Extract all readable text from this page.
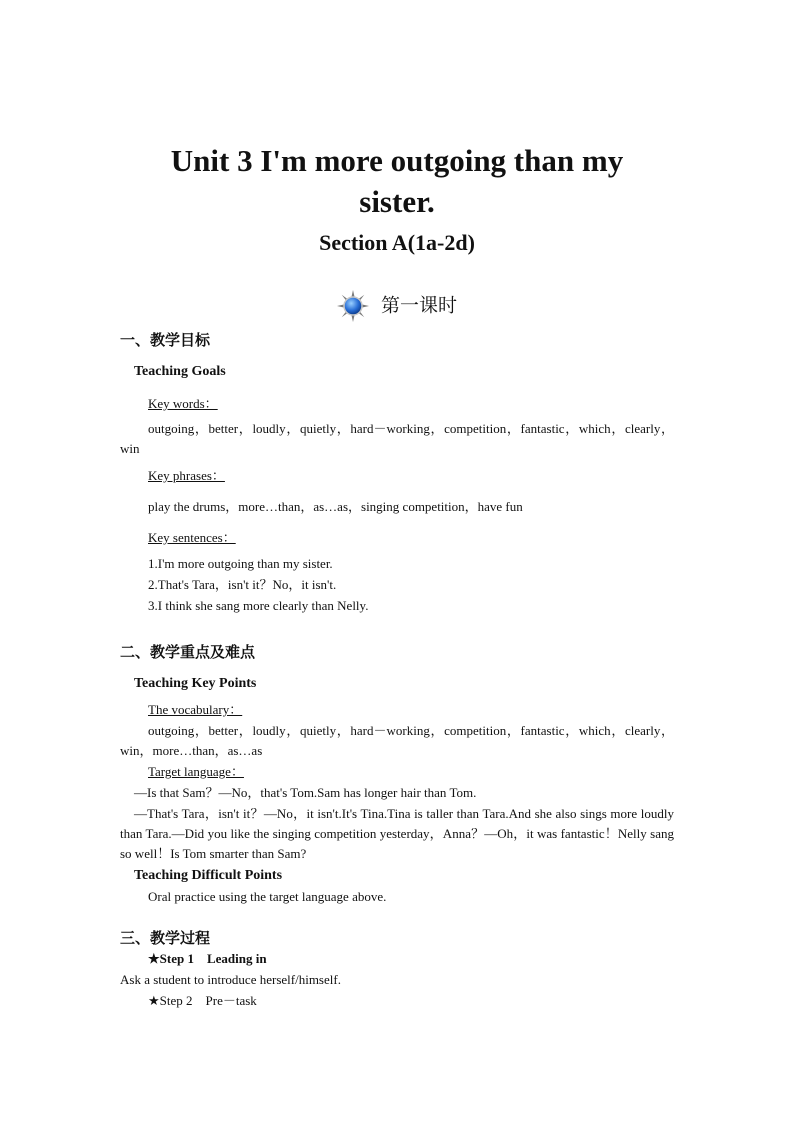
Unit 3 I'm more outgoing than my
sister.
Section A(1a-2d)
第一课时
一、教学目标
Teaching Goals
Key words：
outgoing，better，loudly，quietly，hard－working，competition，fantastic，which，clearly，win
Key phrases：
play the drums，more…than，as…as，singing competition，have fun
Key sentences：
1.I'm more outgoing than my sister.
2.That's Tara，isn't it？No，it isn't.
3.I think she sang more clearly than Nelly.
二、教学重点及难点
Teaching Key Points
The vocabulary：
outgoing，better，loudly，quietly，hard－working，competition，fantastic，which，clearly，win，more…than，as…as
Target language：
—Is that Sam？—No，that's Tom.Sam has longer hair than Tom.
—That's Tara，isn't it？—No，it isn't.It's Tina.Tina is taller than Tara.And she also sings more loudly than Tara.—Did you like the singing competition yesterday，Anna？—Oh，it was fantastic！Nelly sang so well！Is Tom smarter than Sam?
Teaching Difficult Points
Oral practice using the target language above.
三、教学过程
★Step 1　Leading in
Ask a student to introduce herself/himself.
★Step 2　Pre－task
